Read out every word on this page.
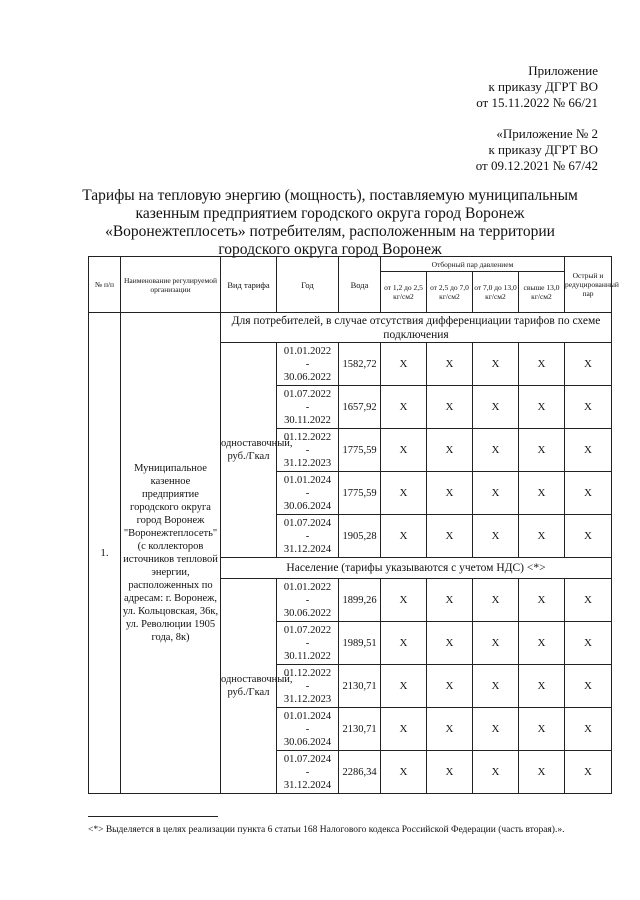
Приложение
к приказу ДГРТ ВО
от 15.11.2022 № 66/21
«Приложение № 2
к приказу ДГРТ ВО
от 09.12.2021 № 67/42
Тарифы на тепловую энергию (мощность), поставляемую муниципальным
казенным предприятием городского округа город Воронеж
«Воронежтеплосеть» потребителям, расположенным на территории
городского округа город Воронеж
№ п/п	Наименование регулируемой организации	Вид тарифа	Год	Вода	Отборный пар давлением				Острый и редуцированный пар
					от 1,2 до 2,5 кг/см2	от 2,5 до 7,0 кг/см2	от 7,0 до 13,0 кг/см2	свыше 13,0 кг/см2	
1.	Муниципальное казенное предприятие городского округа город Воронеж "Воронежтеплосеть" (с коллекторов источников тепловой энергии, расположенных по адресам: г. Воронеж, ул. Кольцовская, 36к, ул. Революции 1905 года, 8к)	Для потребителей, в случае отсутствия дифференциации тарифов по схеме подключения							
		одноставочный, руб./Гкал	01.01.2022
-
30.06.2022	1582,72	Х	Х	Х	Х	Х

			01.07.2022
-
30.11.2022	1657,92	Х	Х	Х	Х	Х

			01.12.2022
-
31.12.2023	1775,59	Х	Х	Х	Х	Х

			01.01.2024
-
30.06.2024	1775,59	Х	Х	Х	Х	Х

			01.07.2024
-
31.12.2024	1905,28	Х	Х	Х	Х	Х
		Население (тарифы указываются с учетом НДС) <*>							
		одноставочный, руб./Гкал	01.01.2022
-
30.06.2022	1899,26	Х	Х	Х	Х	Х

			01.07.2022
-
30.11.2022	1989,51	Х	Х	Х	Х	Х

			01.12.2022
-
31.12.2023	2130,71	Х	Х	Х	Х	Х

			01.01.2024
-
30.06.2024	2130,71	Х	Х	Х	Х	Х

			01.07.2024
-
31.12.2024	2286,34	Х	Х	Х	Х	Х
<*> Выделяется в целях реализации пункта 6 статьи 168 Налогового кодекса Российской Федерации (часть вторая).».
